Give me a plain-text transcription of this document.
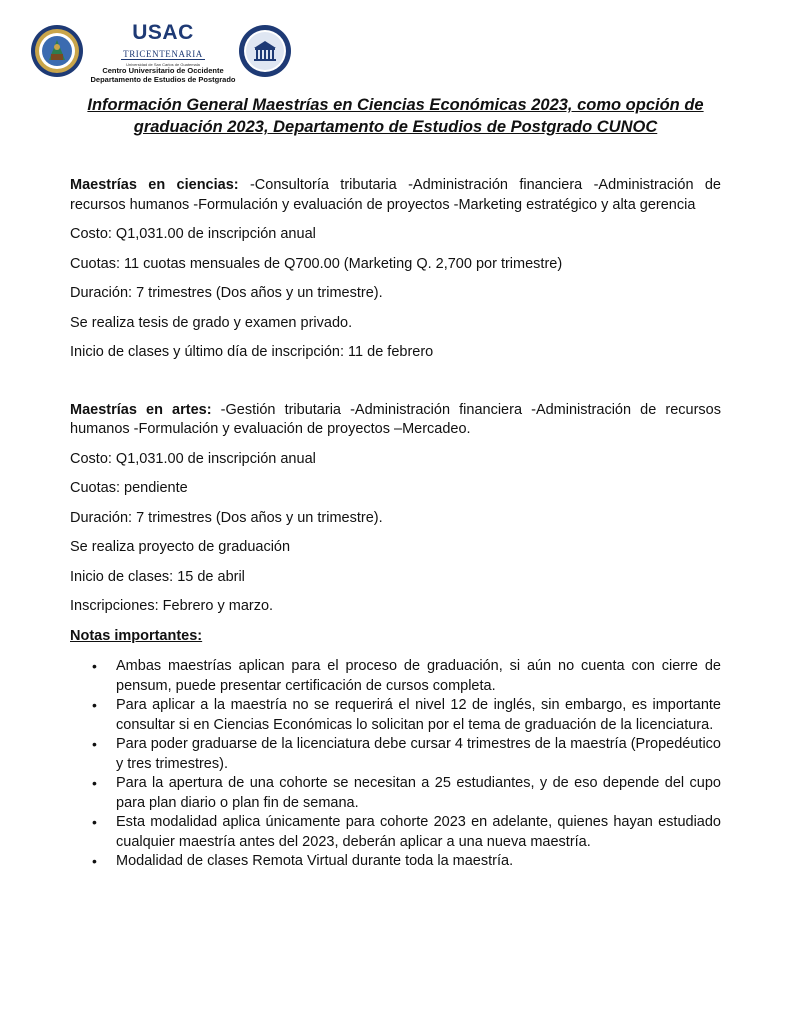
USAC
TRICENTENARIA
Universidad de San Carlos de Guatemala
Centro Universitario de Occidente
Departamento de Estudios de Postgrado
Información General Maestrías en Ciencias Económicas 2023, como opción de graduación 2023, Departamento de Estudios de Postgrado CUNOC

Maestrías en ciencias: -Consultoría tributaria -Administración financiera -Administración de recursos humanos -Formulación y evaluación de proyectos -Marketing estratégico y alta gerencia

Costo: Q1,031.00 de inscripción anual

Cuotas: 11 cuotas mensuales de Q700.00 (Marketing Q. 2,700 por trimestre)

Duración: 7 trimestres (Dos años y un trimestre).

Se realiza tesis de grado y examen privado.

Inicio de clases y último día de inscripción: 11 de febrero

Maestrías en artes: -Gestión tributaria -Administración financiera -Administración de recursos humanos -Formulación y evaluación de proyectos –Mercadeo.

Costo: Q1,031.00 de inscripción anual

Cuotas: pendiente

Duración: 7 trimestres (Dos años y un trimestre).

Se realiza proyecto de graduación

Inicio de clases: 15 de abril

Inscripciones: Febrero y marzo.

Notas importantes:

• Ambas maestrías aplican para el proceso de graduación, si aún no cuenta con cierre de pensum, puede presentar certificación de cursos completa.
• Para aplicar a la maestría no se requerirá el nivel 12 de inglés, sin embargo, es importante consultar si en Ciencias Económicas lo solicitan por el tema de graduación de la licenciatura.
• Para poder graduarse de la licenciatura debe cursar 4 trimestres de la maestría (Propedéutico y tres trimestres).
• Para la apertura de una cohorte se necesitan a 25 estudiantes, y de eso depende del cupo para plan diario o plan fin de semana.
• Esta modalidad aplica únicamente para cohorte 2023 en adelante, quienes hayan estudiado cualquier maestría antes del 2023, deberán aplicar a una nueva maestría.
• Modalidad de clases Remota Virtual durante toda la maestría.
